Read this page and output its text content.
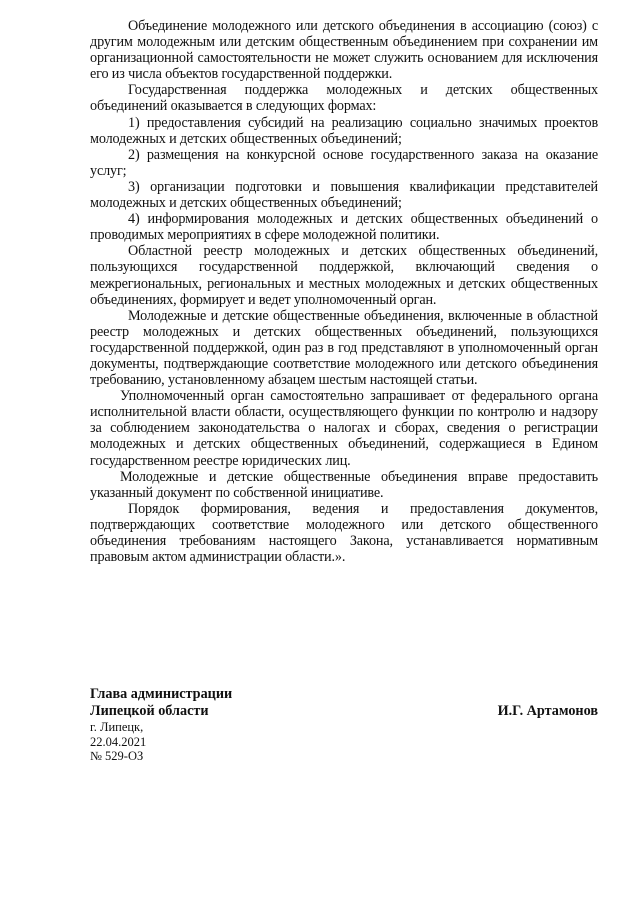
Объединение молодежного или детского объединения в ассоциацию (союз) с другим молодежным или детским общественным объединением при сохранении им организационной самостоятельности не может служить основанием для исключения его из числа объектов государственной поддержки.

Государственная поддержка молодежных и детских общественных объединений оказывается в следующих формах:

1) предоставления субсидий на реализацию социально значимых проектов молодежных и детских общественных объединений;

2) размещения на конкурсной основе государственного заказа на оказание услуг;

3) организации подготовки и повышения квалификации представителей молодежных и детских общественных объединений;

4) информирования молодежных и детских общественных объединений о проводимых мероприятиях в сфере молодежной политики.

Областной реестр молодежных и детских общественных объединений, пользующихся государственной поддержкой, включающий сведения о межрегиональных, региональных и местных молодежных и детских общественных объединениях, формирует и ведет уполномоченный орган.

Молодежные и детские общественные объединения, включенные в областной реестр молодежных и детских общественных объединений, пользующихся государственной поддержкой, один раз в год представляют в уполномоченный орган документы, подтверждающие соответствие молодежного или детского объединения требованию, установленному абзацем шестым настоящей статьи.

Уполномоченный орган самостоятельно запрашивает от федерального органа исполнительной власти области, осуществляющего функции по контролю и надзору за соблюдением законодательства о налогах и сборах, сведения о регистрации молодежных и детских общественных объединений, содержащиеся в Едином государственном реестре юридических лиц.

Молодежные и детские общественные объединения вправе предоставить указанный документ по собственной инициативе.

Порядок формирования, ведения и предоставления документов, подтверждающих соответствие молодежного или детского общественного объединения требованиям настоящего Закона, устанавливается нормативным правовым актом администрации области.».

Глава администрации
Липецкой области	И.Г. Артамонов
г. Липецк,
22.04.2021
№ 529-ОЗ
